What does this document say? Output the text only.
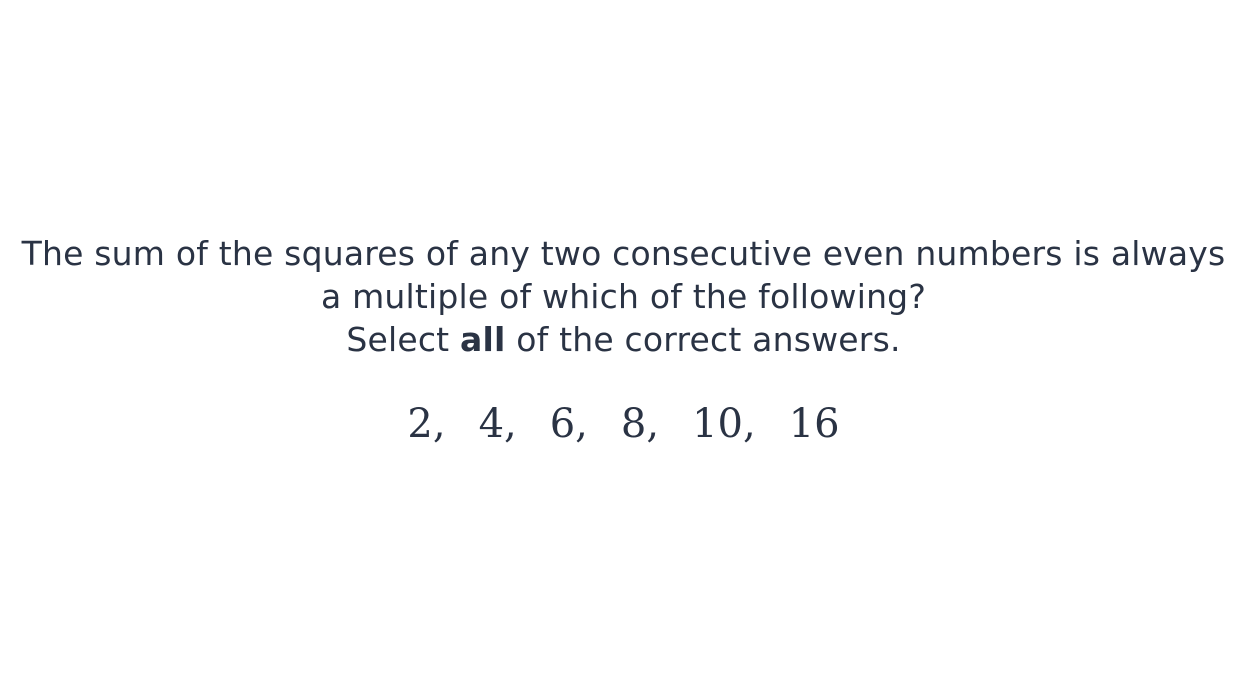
The sum of the squares of any two consecutive even numbers is always
a multiple of which of the following?
Select all of the correct answers.
2, 4, 6, 8, 10, 16
